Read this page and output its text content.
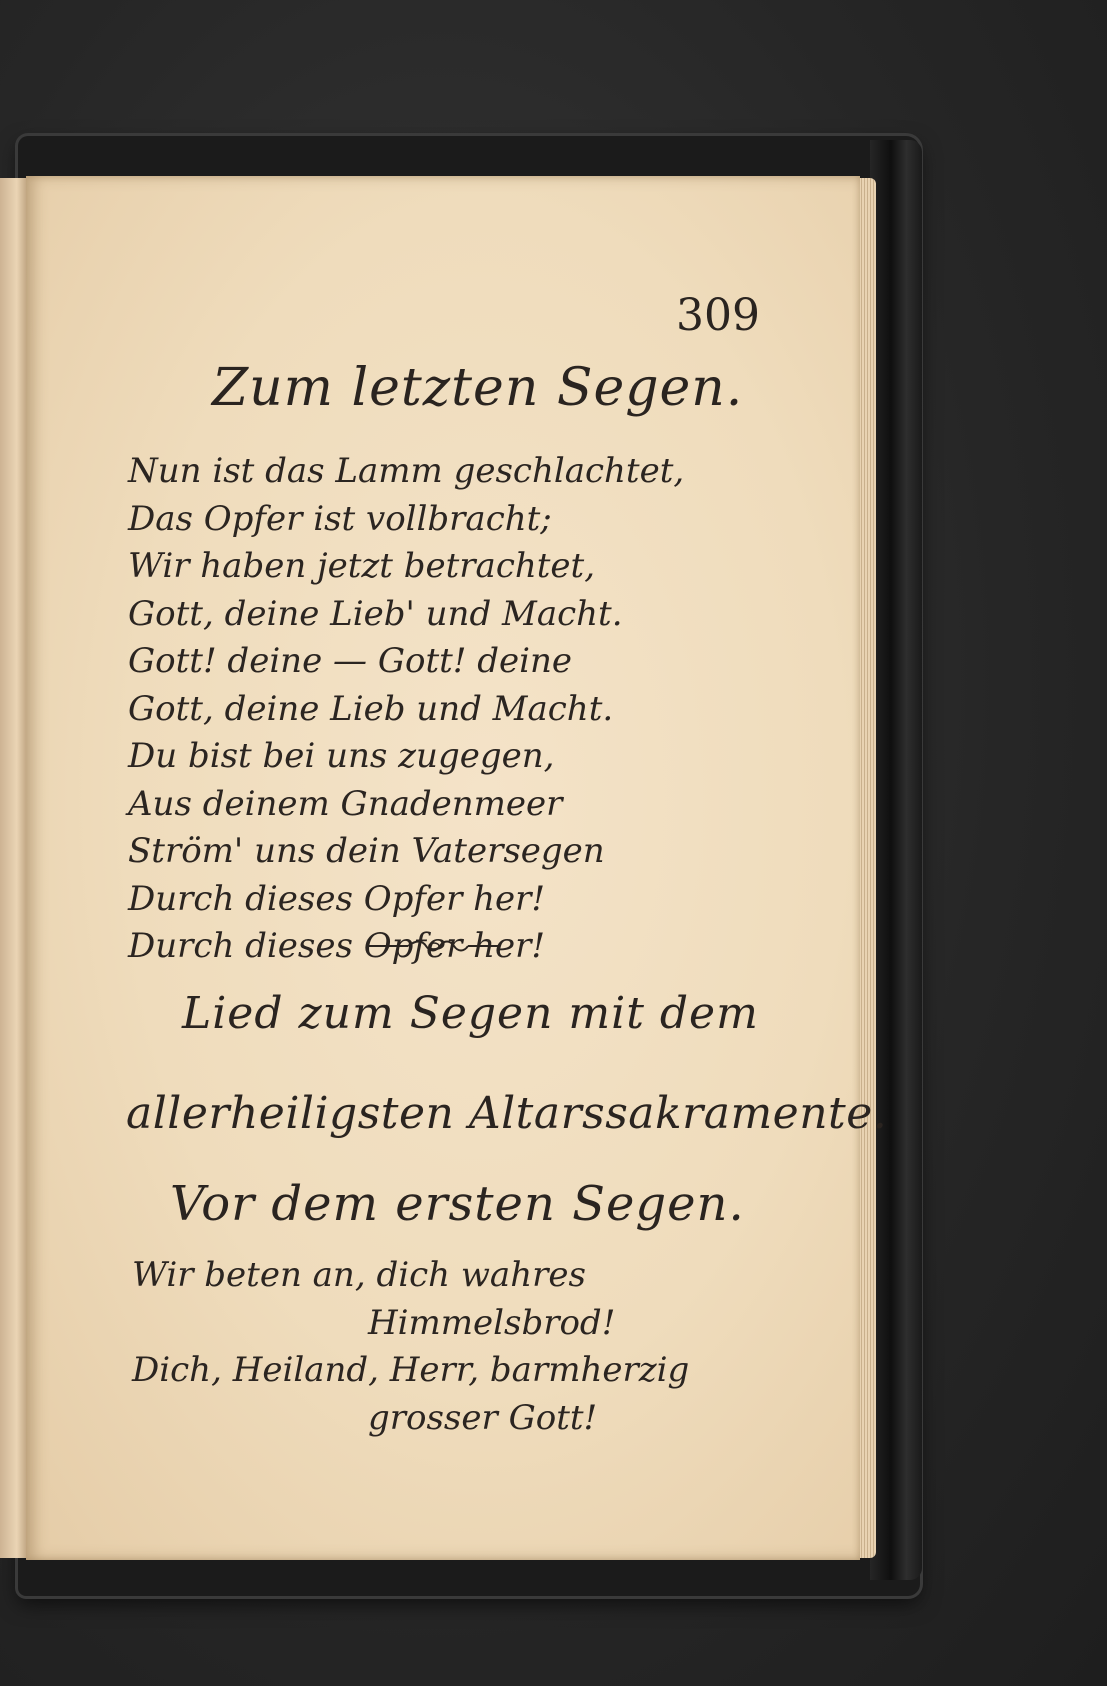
309
Zum letzten Segen.
Nun ist das Lamm geschlachtet,
Das Opfer ist vollbracht;
Wir haben jetzt betrachtet,
Gott, deine Lieb' und Macht.
Gott! deine — Gott! deine
Gott, deine Lieb und Macht.
Du bist bei uns zugegen,
Aus deinem Gnadenmeer
Ström' uns dein Vatersegen
Durch dieses Opfer her!
Durch dieses Opfer her!
Lied zum Segen mit dem
allerheiligsten Altarssakramente.
Vor dem ersten Segen.
Wir beten an, dich wahres
Himmelsbrod!
Dich, Heiland, Herr, barmherzig
grosser Gott!
